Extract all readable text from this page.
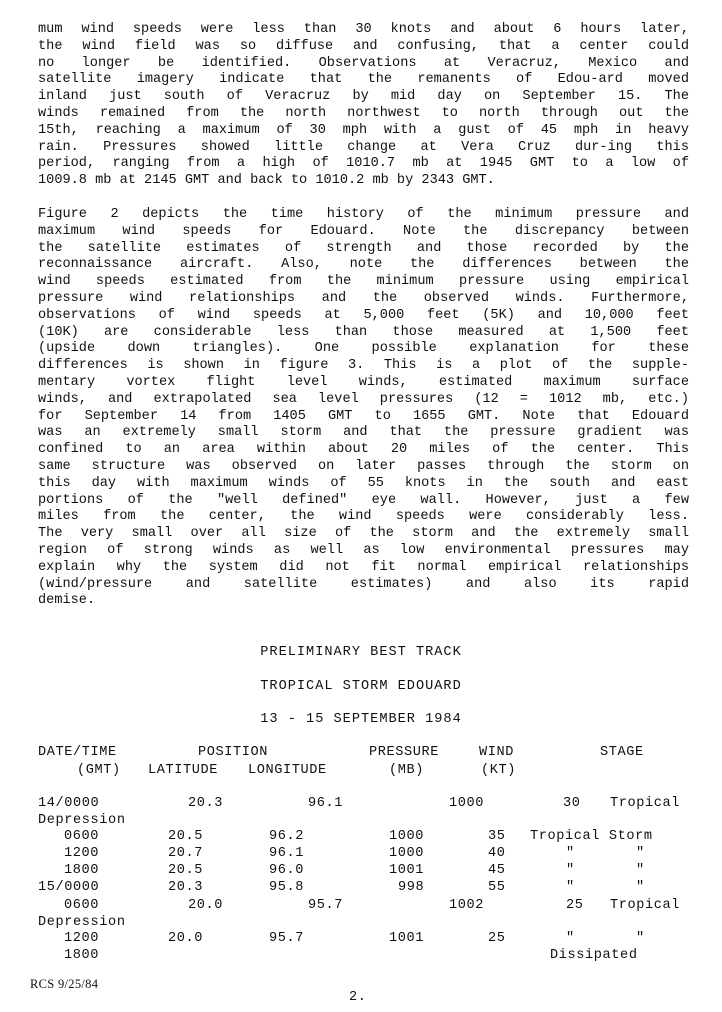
mum wind speeds were less than 30 knots and about 6 hours later,
the wind field was so diffuse and confusing, that a center could
no longer be identified. Observations at Veracruz, Mexico and
satellite imagery indicate that the remanents of Edou-ard moved
inland just south of Veracruz by mid day on September 15. The
winds remained from the north northwest to north through out the
15th, reaching a maximum of 30 mph with a gust of 45 mph in heavy
rain. Pressures showed little change at Vera Cruz dur-ing this
period, ranging from a high of 1010.7 mb at 1945 GMT to a low of
1009.8 mb at 2145 GMT and back to 1010.2 mb by 2343 GMT.
Figure 2 depicts the time history of the minimum pressure and
maximum wind speeds for Edouard. Note the discrepancy between
the satellite estimates of strength and those recorded by the
reconnaissance aircraft. Also, note the differences between the
wind speeds estimated from the minimum pressure using empirical
pressure wind relationships and the observed winds. Furthermore,
observations of wind speeds at 5,000 feet (5K) and 10,000 feet
(10K) are considerable less than those measured at 1,500 feet
(upside down triangles). One possible explanation for these
differences is shown in figure 3. This is a plot of the supple-
mentary vortex flight level winds, estimated maximum surface
winds, and extrapolated sea level pressures (12 = 1012 mb, etc.)
for September 14 from 1405 GMT to 1655 GMT. Note that Edouard
was an extremely small storm and that the pressure gradient was
confined to an area within about 20 miles of the center. This
same structure was observed on later passes through the storm on
this day with maximum winds of 55 knots in the south and east
portions of the "well defined" eye wall. However, just a few
miles from the center, the wind speeds were considerably less.
The very small over all size of the storm and the extremely small
region of strong winds as well as low environmental pressures may
explain why the system did not fit normal empirical relationships
(wind/pressure and satellite estimates) and also its rapid
demise.
PRELIMINARY BEST TRACK
TROPICAL STORM EDOUARD
13 - 15 SEPTEMBER 1984
DATE/TIME	POSITION	PRESSURE	WIND	STAGE
(GMT) LATITUDE LONGITUDE	(MB)	(KT)
14/0000	20.3	96.1	1000	30 Tropical
Depression
0600	20.5	96.2	1000	35 Tropical Storm
1200	20.7	96.1	1000	40	"       "
1800	20.5	96.0	1001	45	"       "
15/0000	20.3	95.8	998	55	"       "
0600	20.0	95.7	1002	25 Tropical
Depression
1200	20.0	95.7	1001	25	"       "
1800	Dissipated
RCS 9/25/84
2.
